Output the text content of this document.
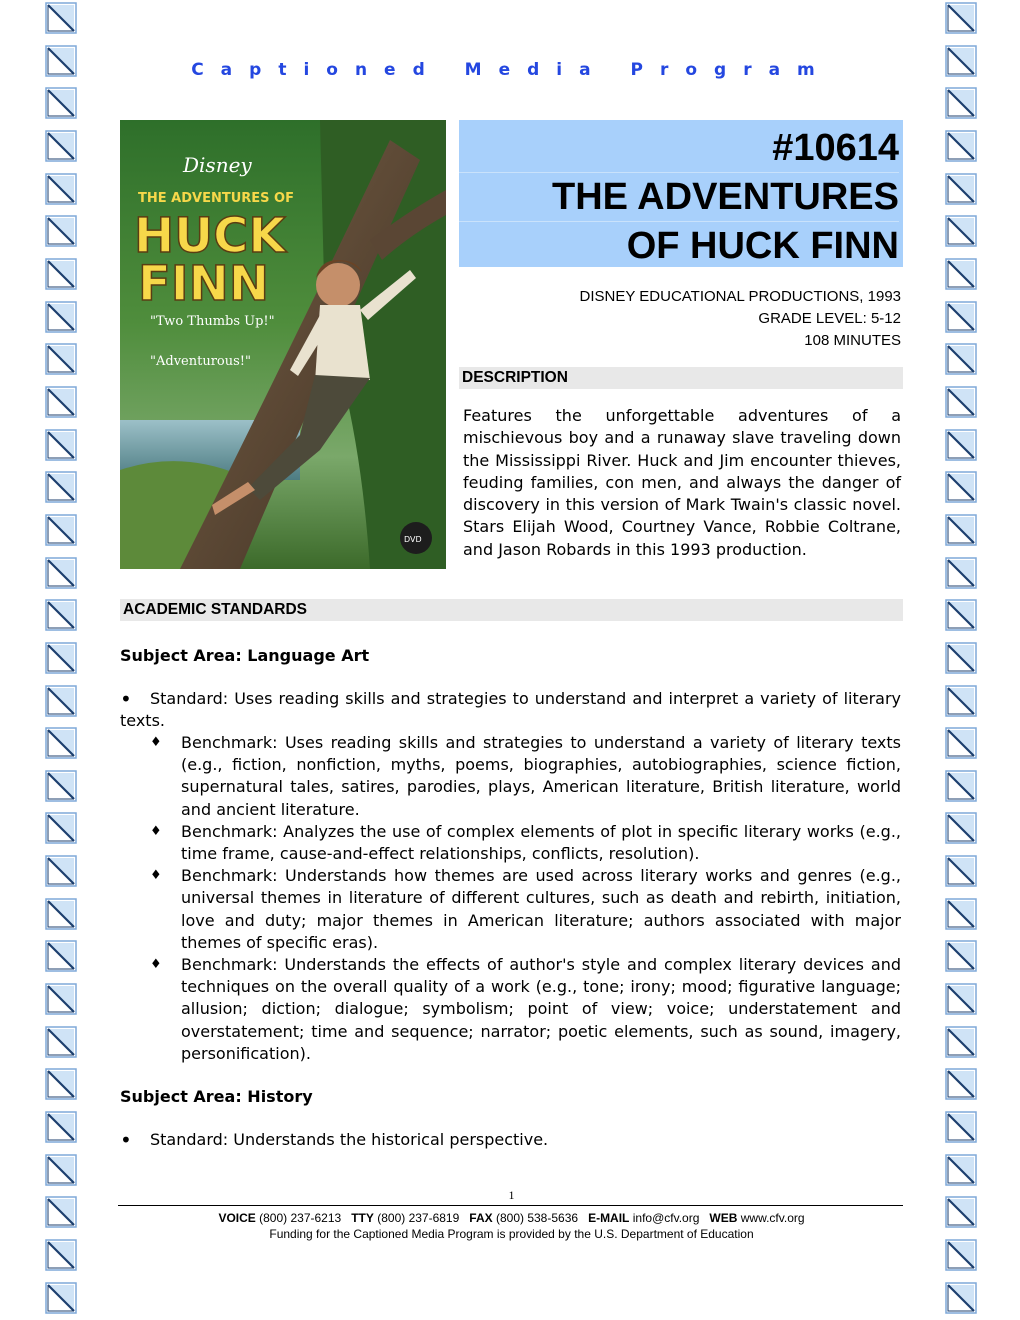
Captioned Media Program
Disney
THE ADVENTURES OF
HUCK
FINN
"Two Thumbs Up!"
"Adventurous!"
DVD
#10614
THE ADVENTURES
OF HUCK FINN
DISNEY EDUCATIONAL PRODUCTIONS, 1993
GRADE LEVEL: 5-12
108 MINUTES
DESCRIPTION
Features the unforgettable adventures of a mischievous boy and a runaway slave traveling down the Mississippi River. Huck and Jim encounter thieves, feuding families, con men, and always the danger of discovery in this version of Mark Twain's classic novel. Stars Elijah Wood, Courtney Vance, Robbie Coltrane, and Jason Robards in this 1993 production.
ACADEMIC STANDARDS
Subject Area: Language Art
•	Standard: Uses reading skills and strategies to understand and interpret a variety of literary texts.
♦ Benchmark: Uses reading skills and strategies to understand a variety of literary texts (e.g., fiction, nonfiction, myths, poems, biographies, autobiographies, science fiction, supernatural tales, satires, parodies, plays, American literature, British literature, world and ancient literature.
♦ Benchmark: Analyzes the use of complex elements of plot in specific literary works (e.g., time frame, cause-and-effect relationships, conflicts, resolution).
♦ Benchmark: Understands how themes are used across literary works and genres (e.g., universal themes in literature of different cultures, such as death and rebirth, initiation, love and duty; major themes in American literature; authors associated with major themes of specific eras).
♦ Benchmark: Understands the effects of author's style and complex literary devices and techniques on the overall quality of a work (e.g., tone; irony; mood; figurative language; allusion; diction; dialogue; symbolism; point of view; voice; understatement and overstatement; time and sequence; narrator; poetic elements, such as sound, imagery, personification).
Subject Area: History
• Standard: Understands the historical perspective.
1
VOICE (800) 237-6213 TTY (800) 237-6819 FAX (800) 538-5636 E-MAIL info@cfv.org WEB www.cfv.org
Funding for the Captioned Media Program is provided by the U.S. Department of Education
